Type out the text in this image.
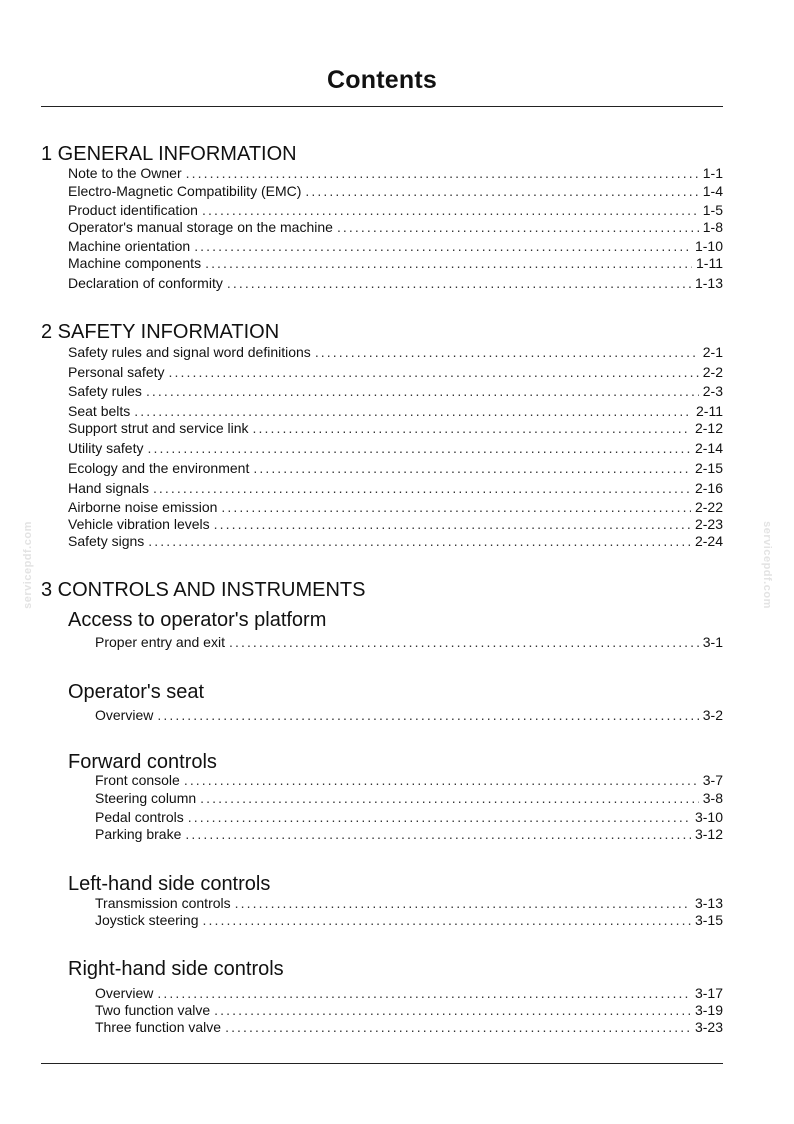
Contents
servicepdf.com	servicepdf.com
1 GENERAL INFORMATION
Note to the Owner .....	1-1
Electro-Magnetic Compatibility (EMC) .....	1-4
Product identification .....	1-5
Operator's manual storage on the machine .....	1-8
Machine orientation .....	1-10
Machine components .....	1-11
Declaration of conformity .....	1-13
2 SAFETY INFORMATION
Safety rules and signal word definitions .....	2-1
Personal safety .....	2-2
Safety rules .....	2-3
Seat belts .....	2-11
Support strut and service link .....	2-12
Utility safety .....	2-14
Ecology and the environment .....	2-15
Hand signals .....	2-16
Airborne noise emission .....	2-22
Vehicle vibration levels .....	2-23
Safety signs .....	2-24
3 CONTROLS AND INSTRUMENTS
Access to operator's platform
Proper entry and exit .....	3-1
Operator's seat
Overview .....	3-2
Forward controls
Front console .....	3-7
Steering column .....	3-8
Pedal controls .....	3-10
Parking brake .....	3-12
Left-hand side controls
Transmission controls .....	3-13
Joystick steering .....	3-15
Right-hand side controls
Overview .....	3-17
Two function valve .....	3-19
Three function valve .....	3-23
